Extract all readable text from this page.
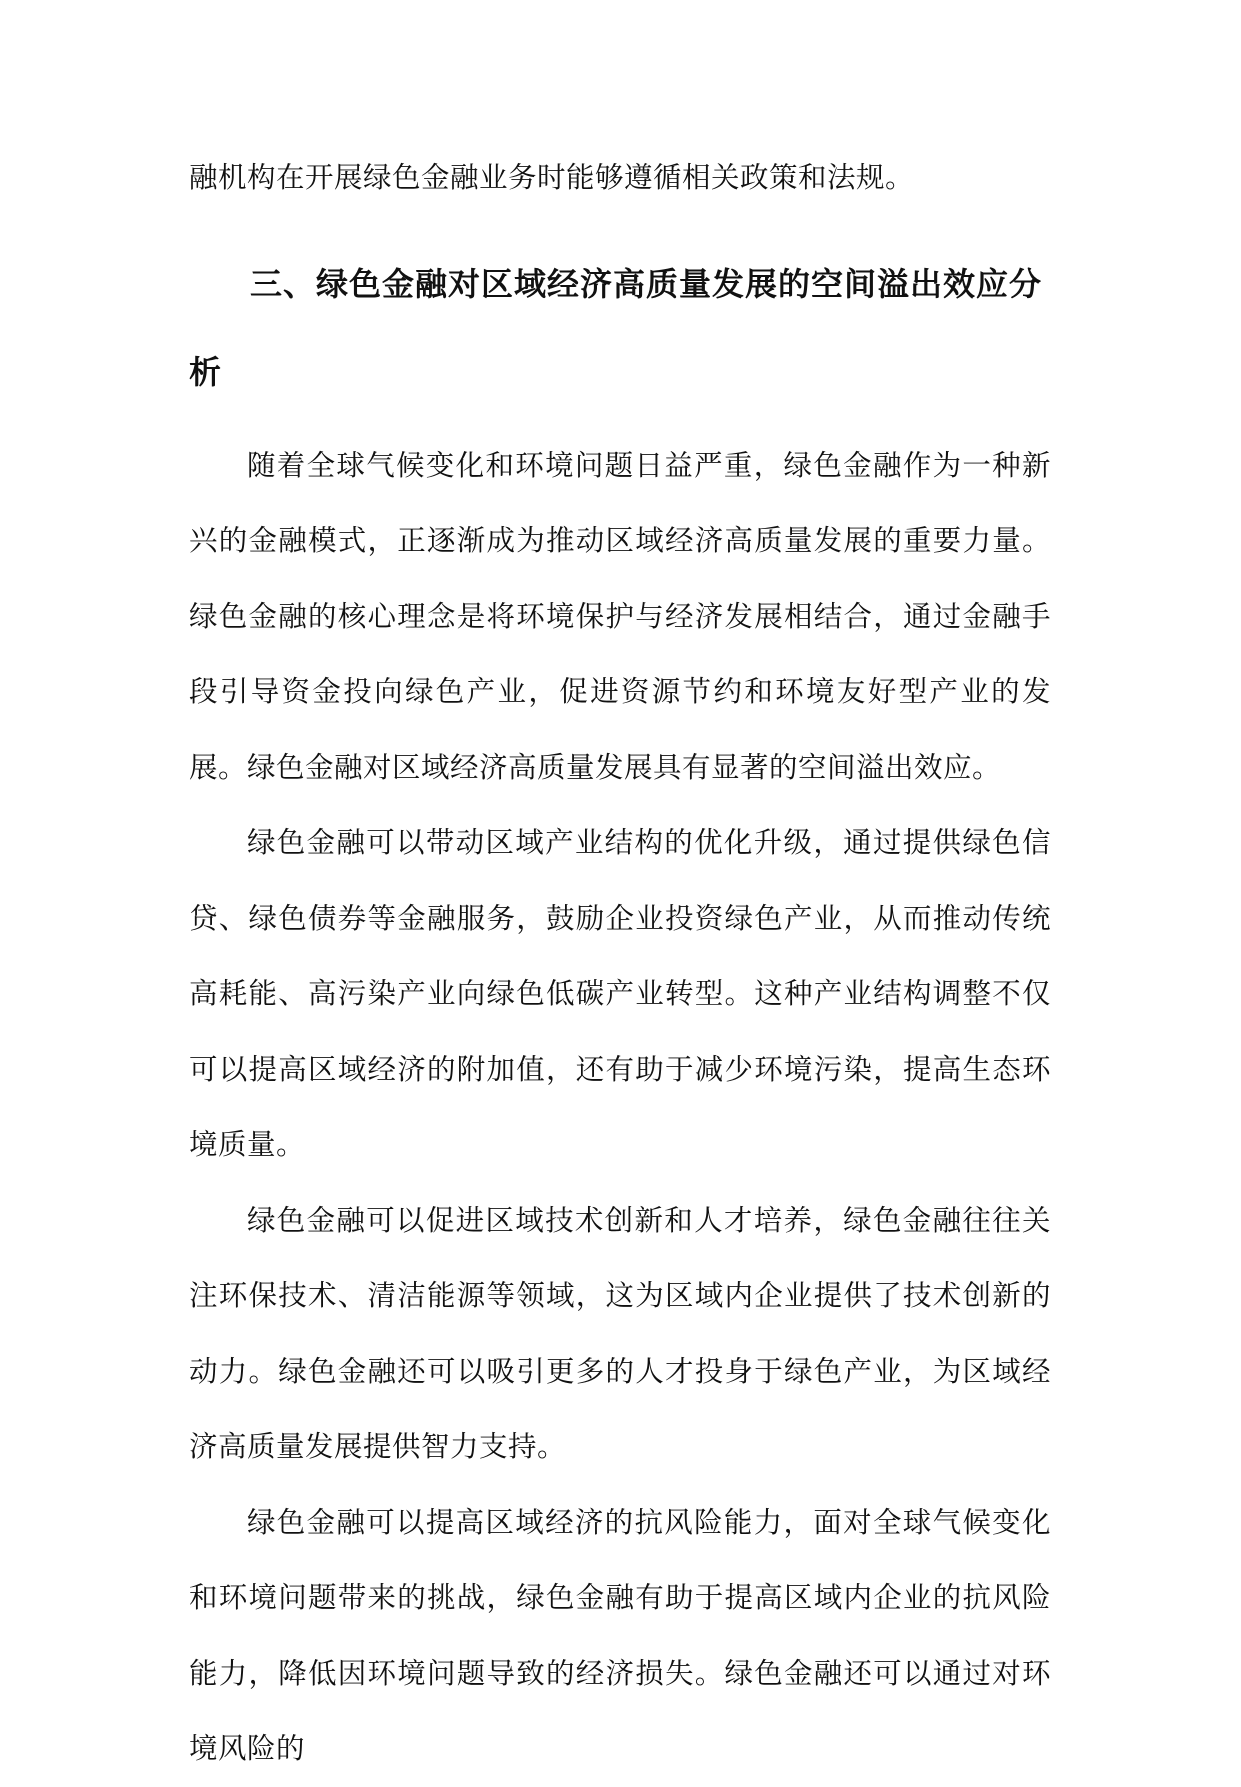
融机构在开展绿色金融业务时能够遵循相关政策和法规。

三、绿色金融对区域经济高质量发展的空间溢出效应分析

随着全球气候变化和环境问题日益严重，绿色金融作为一种新兴的金融模式，正逐渐成为推动区域经济高质量发展的重要力量。绿色金融的核心理念是将环境保护与经济发展相结合，通过金融手段引导资金投向绿色产业，促进资源节约和环境友好型产业的发展。绿色金融对区域经济高质量发展具有显著的空间溢出效应。

绿色金融可以带动区域产业结构的优化升级，通过提供绿色信贷、绿色债券等金融服务，鼓励企业投资绿色产业，从而推动传统高耗能、高污染产业向绿色低碳产业转型。这种产业结构调整不仅可以提高区域经济的附加值，还有助于减少环境污染，提高生态环境质量。

绿色金融可以促进区域技术创新和人才培养，绿色金融往往关注环保技术、清洁能源等领域，这为区域内企业提供了技术创新的动力。绿色金融还可以吸引更多的人才投身于绿色产业，为区域经济高质量发展提供智力支持。

绿色金融可以提高区域经济的抗风险能力，面对全球气候变化和环境问题带来的挑战，绿色金融有助于提高区域内企业的抗风险能力，降低因环境问题导致的经济损失。绿色金融还可以通过对环境风险的
